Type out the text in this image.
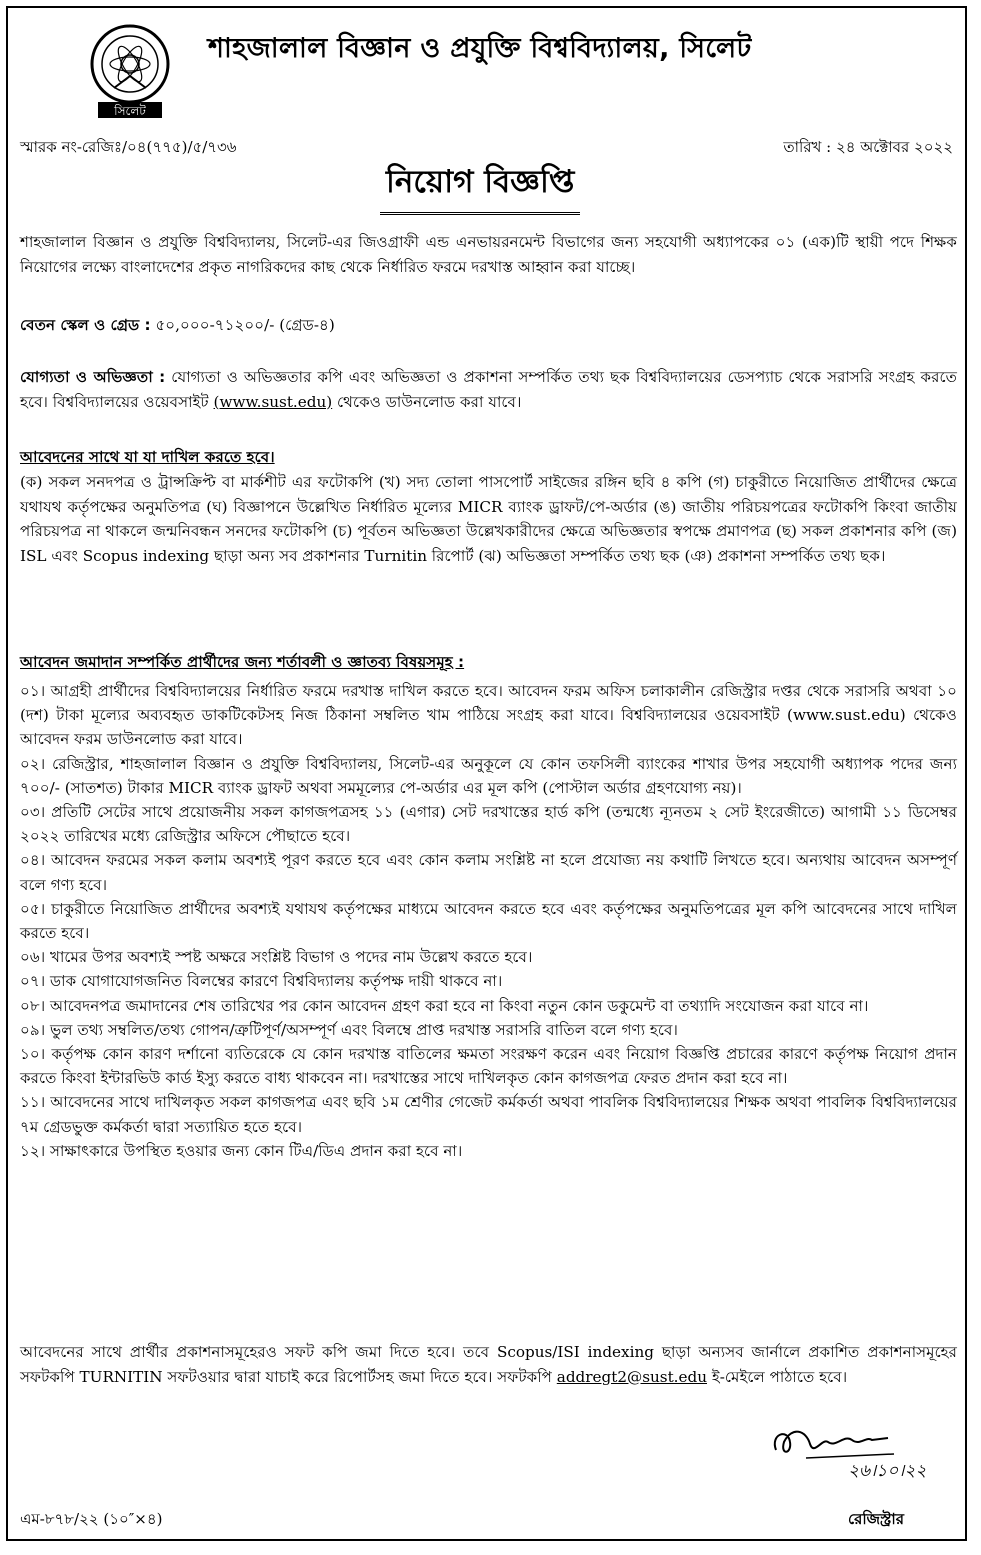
সিলেট
শাহজালাল বিজ্ঞান ও প্রযুক্তি বিশ্ববিদ্যালয়, সিলেট
স্মারক নং-রেজিঃ/০৪(৭৭৫)/৫/৭৩৬	তারিখ : ২৪ অক্টোবর ২০২২
নিয়োগ বিজ্ঞপ্তি
শাহজালাল বিজ্ঞান ও প্রযুক্তি বিশ্ববিদ্যালয়, সিলেট-এর জিওগ্রাফী এন্ড এনভায়রনমেন্ট বিভাগের জন্য সহযোগী অধ্যাপকের ০১ (এক)টি স্থায়ী পদে শিক্ষক নিয়োগের লক্ষ্যে বাংলাদেশের প্রকৃত নাগরিকদের কাছ থেকে নির্ধারিত ফরমে দরখাস্ত আহ্বান করা যাচ্ছে।
বেতন স্কেল ও গ্রেড : ৫০,০০০-৭১২০০/- (গ্রেড-৪)
যোগ্যতা ও অভিজ্ঞতা : যোগ্যতা ও অভিজ্ঞতার কপি এবং অভিজ্ঞতা ও প্রকাশনা সম্পর্কিত তথ্য ছক বিশ্ববিদ্যালয়ের ডেসপ্যাচ থেকে সরাসরি সংগ্রহ করতে হবে। বিশ্ববিদ্যালয়ের ওয়েবসাইট (www.sust.edu) থেকেও ডাউনলোড করা যাবে।
আবেদনের সাথে যা যা দাখিল করতে হবে।
(ক) সকল সনদপত্র ও ট্রান্সক্রিপ্ট বা মার্কশীট এর ফটোকপি (খ) সদ্য তোলা পাসপোর্ট সাইজের রঙ্গিন ছবি ৪ কপি (গ) চাকুরীতে নিয়োজিত প্রার্থীদের ক্ষেত্রে যথাযথ কর্তৃপক্ষের অনুমতিপত্র (ঘ) বিজ্ঞাপনে উল্লেখিত নির্ধারিত মূল্যের MICR ব্যাংক ড্রাফট/পে-অর্ডার (ঙ) জাতীয় পরিচয়পত্রের ফটোকপি কিংবা জাতীয় পরিচয়পত্র না থাকলে জন্মনিবন্ধন সনদের ফটোকপি (চ) পূর্বতন অভিজ্ঞতা উল্লেখকারীদের ক্ষেত্রে অভিজ্ঞতার স্বপক্ষে প্রমাণপত্র (ছ) সকল প্রকাশনার কপি (জ) ISL এবং Scopus indexing ছাড়া অন্য সব প্রকাশনার Turnitin রিপোর্ট (ঝ) অভিজ্ঞতা সম্পর্কিত তথ্য ছক (ঞ) প্রকাশনা সম্পর্কিত তথ্য ছক।
আবেদন জমাদান সম্পর্কিত প্রার্থীদের জন্য শর্তাবলী ও জ্ঞাতব্য বিষয়সমূহ :
০১। আগ্রহী প্রার্থীদের বিশ্ববিদ্যালয়ের নির্ধারিত ফরমে দরখাস্ত দাখিল করতে হবে। আবেদন ফরম অফিস চলাকালীন রেজিস্ট্রার দপ্তর থেকে সরাসরি অথবা ১০ (দশ) টাকা মূল্যের অব্যবহৃত ডাকটিকেটসহ নিজ ঠিকানা সম্বলিত খাম পাঠিয়ে সংগ্রহ করা যাবে। বিশ্ববিদ্যালয়ের ওয়েবসাইট (www.sust.edu) থেকেও আবেদন ফরম ডাউনলোড করা যাবে।
০২। রেজিস্ট্রার, শাহজালাল বিজ্ঞান ও প্রযুক্তি বিশ্ববিদ্যালয়, সিলেট-এর অনুকূলে যে কোন তফসিলী ব্যাংকের শাখার উপর সহযোগী অধ্যাপক পদের জন্য ৭০০/- (সাতশত) টাকার MICR ব্যাংক ড্রাফট অথবা সমমূল্যের পে-অর্ডার এর মূল কপি (পোস্টাল অর্ডার গ্রহণযোগ্য নয়)।
০৩। প্রতিটি সেটের সাথে প্রয়োজনীয় সকল কাগজপত্রসহ ১১ (এগার) সেট দরখাস্তের হার্ড কপি (তন্মধ্যে ন্যূনতম ২ সেট ইংরেজীতে) আগামী ১১ ডিসেম্বর ২০২২ তারিখের মধ্যে রেজিস্ট্রার অফিসে পৌছাতে হবে।
০৪। আবেদন ফরমের সকল কলাম অবশ্যই পূরণ করতে হবে এবং কোন কলাম সংশ্লিষ্ট না হলে প্রযোজ্য নয় কথাটি লিখতে হবে। অন্যথায় আবেদন অসম্পূর্ণ বলে গণ্য হবে।
০৫। চাকুরীতে নিয়োজিত প্রার্থীদের অবশ্যই যথাযথ কর্তৃপক্ষের মাধ্যমে আবেদন করতে হবে এবং কর্তৃপক্ষের অনুমতিপত্রের মূল কপি আবেদনের সাথে দাখিল করতে হবে।
০৬। খামের উপর অবশ্যই স্পষ্ট অক্ষরে সংশ্লিষ্ট বিভাগ ও পদের নাম উল্লেখ করতে হবে।
০৭। ডাক যোগাযোগজনিত বিলম্বের কারণে বিশ্ববিদ্যালয় কর্তৃপক্ষ দায়ী থাকবে না।
০৮। আবেদনপত্র জমাদানের শেষ তারিখের পর কোন আবেদন গ্রহণ করা হবে না কিংবা নতুন কোন ডকুমেন্ট বা তথ্যাদি সংযোজন করা যাবে না।
০৯। ভুল তথ্য সম্বলিত/তথ্য গোপন/ত্রুটিপূর্ণ/অসম্পূর্ণ এবং বিলম্বে প্রাপ্ত দরখাস্ত সরাসরি বাতিল বলে গণ্য হবে।
১০। কর্তৃপক্ষ কোন কারণ দর্শানো ব্যতিরেকে যে কোন দরখাস্ত বাতিলের ক্ষমতা সংরক্ষণ করেন এবং নিয়োগ বিজ্ঞপ্তি প্রচারের কারণে কর্তৃপক্ষ নিয়োগ প্রদান করতে কিংবা ইন্টারভিউ কার্ড ইস্যু করতে বাধ্য থাকবেন না। দরখাস্তের সাথে দাখিলকৃত কোন কাগজপত্র ফেরত প্রদান করা হবে না।
১১। আবেদনের সাথে দাখিলকৃত সকল কাগজপত্র এবং ছবি ১ম শ্রেণীর গেজেট কর্মকর্তা অথবা পাবলিক বিশ্ববিদ্যালয়ের শিক্ষক অথবা পাবলিক বিশ্ববিদ্যালয়ের ৭ম গ্রেডভুক্ত কর্মকর্তা দ্বারা সত্যায়িত হতে হবে।
১২। সাক্ষাৎকারে উপস্থিত হওয়ার জন্য কোন টিএ/ডিএ প্রদান করা হবে না।
আবেদনের সাথে প্রার্থীর প্রকাশনাসমূহেরও সফট কপি জমা দিতে হবে। তবে Scopus/ISI indexing ছাড়া অন্যসব জার্নালে প্রকাশিত প্রকাশনাসমূহের সফটকপি TURNITIN সফটওয়ার দ্বারা যাচাই করে রিপোর্টসহ জমা দিতে হবে। সফটকপি addregt2@sust.edu ই-মেইলে পাঠাতে হবে।
২৬।১০।২২
এম-৮৭৮/২২ (১০″×৪)	রেজিস্ট্রার
